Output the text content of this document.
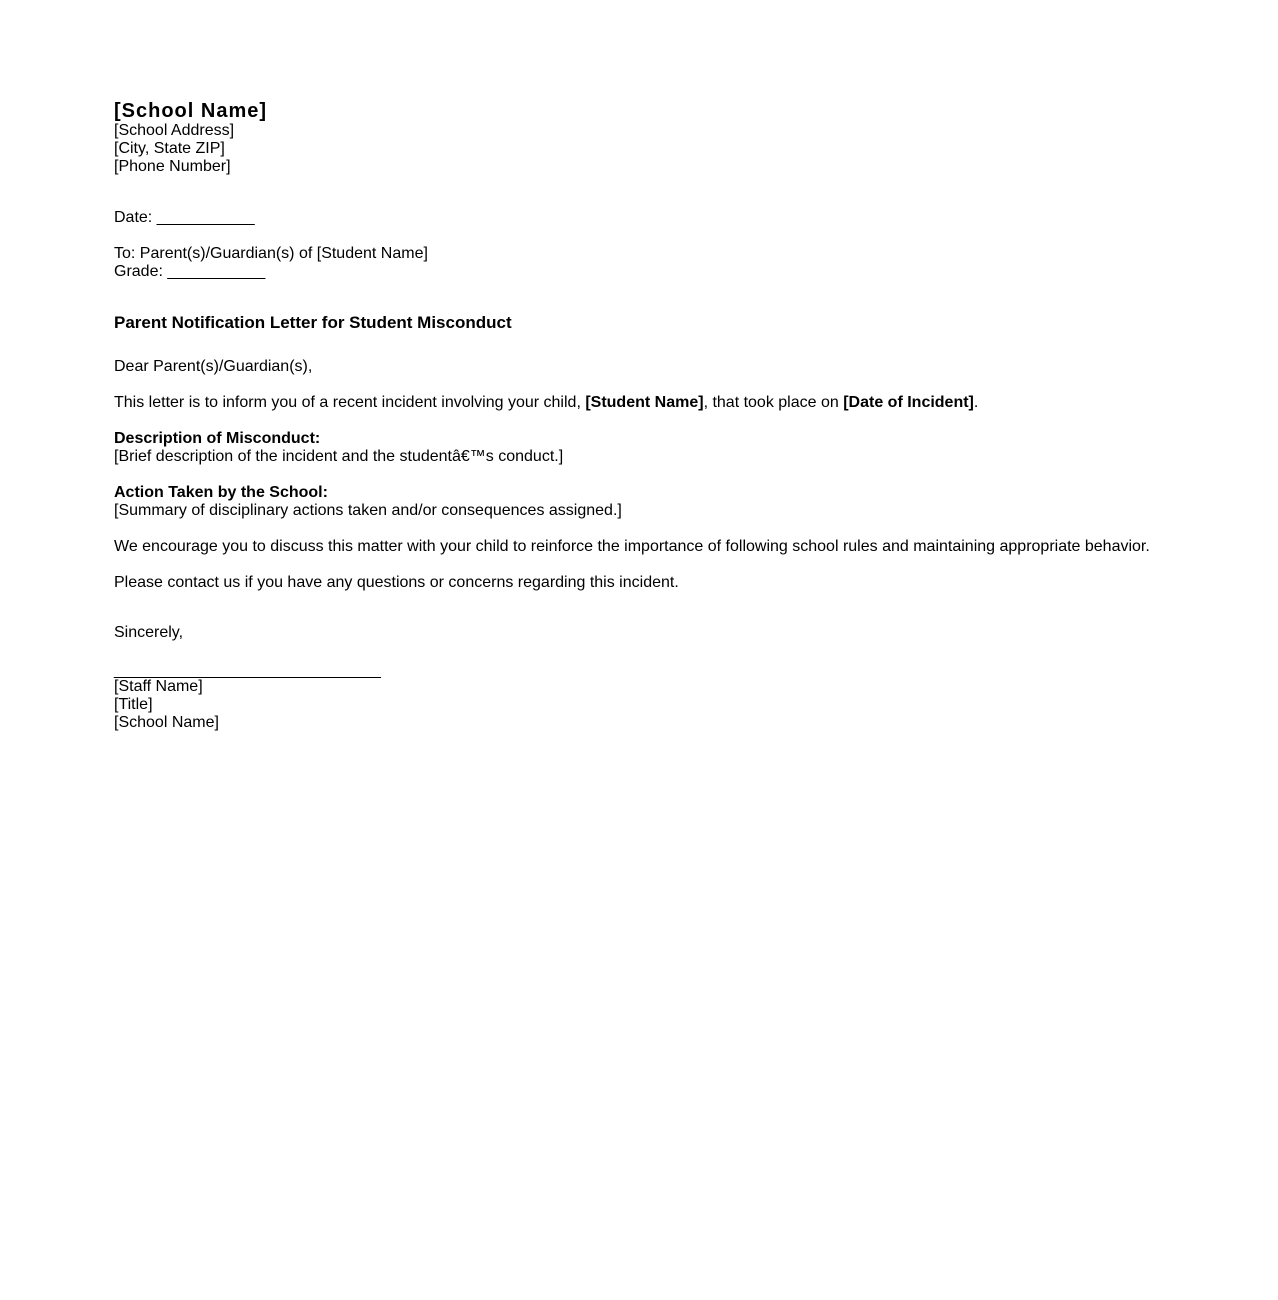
[School Name]
[School Address]
[City, State ZIP]
[Phone Number]
Date: ___________
To: Parent(s)/Guardian(s) of [Student Name]
Grade: ___________
Parent Notification Letter for Student Misconduct
Dear Parent(s)/Guardian(s),
This letter is to inform you of a recent incident involving your child, [Student Name], that took place on [Date of Incident].
Description of Misconduct:
[Brief description of the incident and the studentâ€™s conduct.]
Action Taken by the School:
[Summary of disciplinary actions taken and/or consequences assigned.]
We encourage you to discuss this matter with your child to reinforce the importance of following school rules and maintaining appropriate behavior.
Please contact us if you have any questions or concerns regarding this incident.
Sincerely,
______________________________
[Staff Name]
[Title]
[School Name]
